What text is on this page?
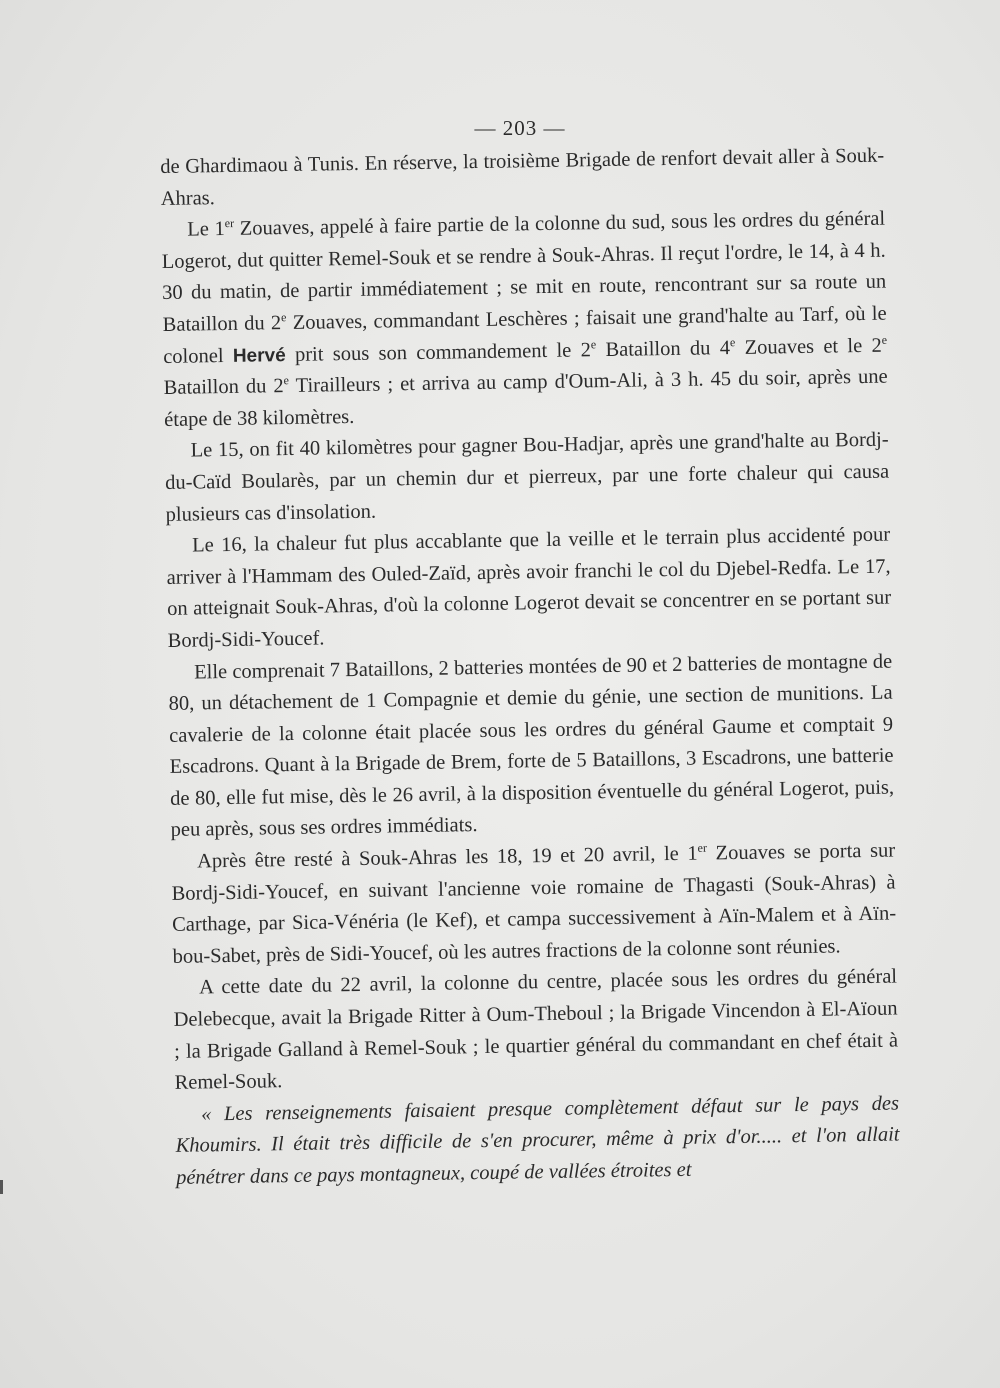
— 203 —

de Ghardimaou à Tunis. En réserve, la troisième Brigade de renfort devait aller à Souk-Ahras.

Le 1er Zouaves, appelé à faire partie de la colonne du sud, sous les ordres du général Logerot, dut quitter Remel-Souk et se rendre à Souk-Ahras. Il reçut l'ordre, le 14, à 4 h. 30 du matin, de partir immédiatement ; se mit en route, rencontrant sur sa route un Bataillon du 2e Zouaves, commandant Leschères ; faisait une grand'halte au Tarf, où le colonel Hervé prit sous son commandement le 2e Bataillon du 4e Zouaves et le 2e Bataillon du 2e Tirailleurs ; et arriva au camp d'Oum-Ali, à 3 h. 45 du soir, après une étape de 38 kilomètres.

Le 15, on fit 40 kilomètres pour gagner Bou-Hadjar, après une grand'halte au Bordj-du-Caïd Boularès, par un chemin dur et pierreux, par une forte chaleur qui causa plusieurs cas d'insolation.

Le 16, la chaleur fut plus accablante que la veille et le terrain plus accidenté pour arriver à l'Hammam des Ouled-Zaïd, après avoir franchi le col du Djebel-Redfa. Le 17, on atteignait Souk-Ahras, d'où la colonne Logerot devait se concentrer en se portant sur Bordj-Sidi-Youcef.

Elle comprenait 7 Bataillons, 2 batteries montées de 90 et 2 batteries de montagne de 80, un détachement de 1 Compagnie et demie du génie, une section de munitions. La cavalerie de la colonne était placée sous les ordres du général Gaume et comptait 9 Escadrons. Quant à la Brigade de Brem, forte de 5 Bataillons, 3 Escadrons, une batterie de 80, elle fut mise, dès le 26 avril, à la disposition éventuelle du général Logerot, puis, peu après, sous ses ordres immédiats.

Après être resté à Souk-Ahras les 18, 19 et 20 avril, le 1er Zouaves se porta sur Bordj-Sidi-Youcef, en suivant l'ancienne voie romaine de Thagasti (Souk-Ahras) à Carthage, par Sica-Vénéria (le Kef), et campa successivement à Aïn-Malem et à Aïn-bou-Sabet, près de Sidi-Youcef, où les autres fractions de la colonne sont réunies.

A cette date du 22 avril, la colonne du centre, placée sous les ordres du général Delebecque, avait la Brigade Ritter à Oum-Theboul ; la Brigade Vincendon à El-Aïoun ; la Brigade Galland à Remel-Souk ; le quartier général du commandant en chef était à Remel-Souk.

« Les renseignements faisaient presque complètement défaut sur le pays des Khoumirs. Il était très difficile de s'en procurer, même à prix d'or..... et l'on allait pénétrer dans ce pays montagneux, coupé de vallées étroites et
